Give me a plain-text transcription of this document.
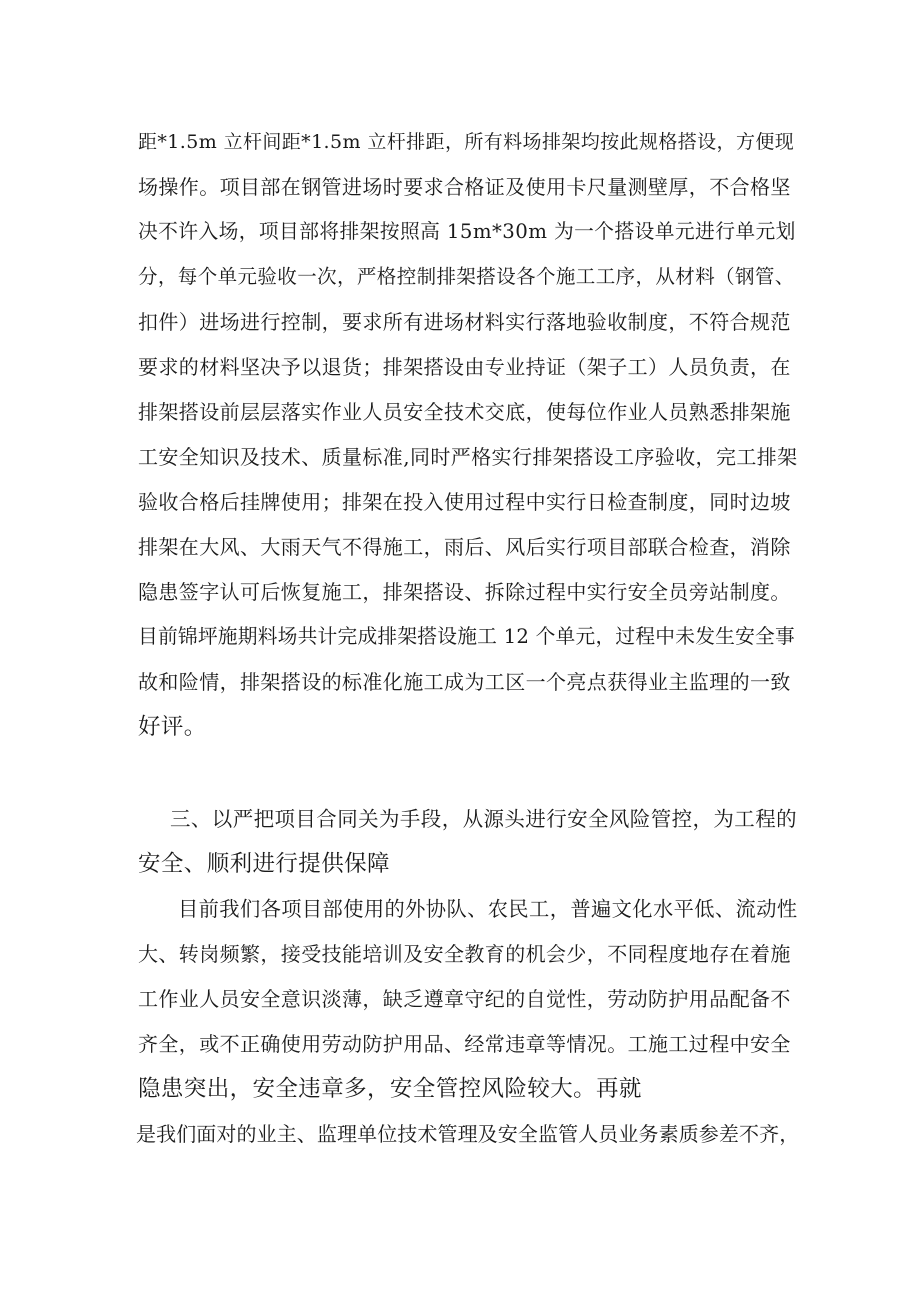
距*1.5m 立杆间距*1.5m 立杆排距，所有料场排架均按此规格搭设，方便现
场操作。项目部在钢管进场时要求合格证及使用卡尺量测壁厚，不合格坚
决不许入场，项目部将排架按照高 15m*30m 为一个搭设单元进行单元划
分，每个单元验收一次，严格控制排架搭设各个施工工序，从材料（钢管、
扣件）进场进行控制，要求所有进场材料实行落地验收制度，不符合规范
要求的材料坚决予以退货；排架搭设由专业持证（架子工）人员负责，在
排架搭设前层层落实作业人员安全技术交底，使每位作业人员熟悉排架施
工安全知识及技术、质量标准,同时严格实行排架搭设工序验收，完工排架
验收合格后挂牌使用；排架在投入使用过程中实行日检查制度，同时边坡
排架在大风、大雨天气不得施工，雨后、风后实行项目部联合检查，消除
隐患签字认可后恢复施工，排架搭设、拆除过程中实行安全员旁站制度。
目前锦坪施期料场共计完成排架搭设施工 12 个单元，过程中未发生安全事
故和险情，排架搭设的标准化施工成为工区一个亮点获得业主监理的一致
好评。
三、以严把项目合同关为手段，从源头进行安全风险管控，为工程的
安全、顺利进行提供保障
目前我们各项目部使用的外协队、农民工，普遍文化水平低、流动性
大、转岗频繁，接受技能培训及安全教育的机会少，不同程度地存在着施
工作业人员安全意识淡薄，缺乏遵章守纪的自觉性，劳动防护用品配备不
齐全，或不正确使用劳动防护用品、经常违章等情况。工施工过程中安全
隐患突出，安全违章多，安全管控风险较大。再就
是我们面对的业主、监理单位技术管理及安全监管人员业务素质参差不齐，
